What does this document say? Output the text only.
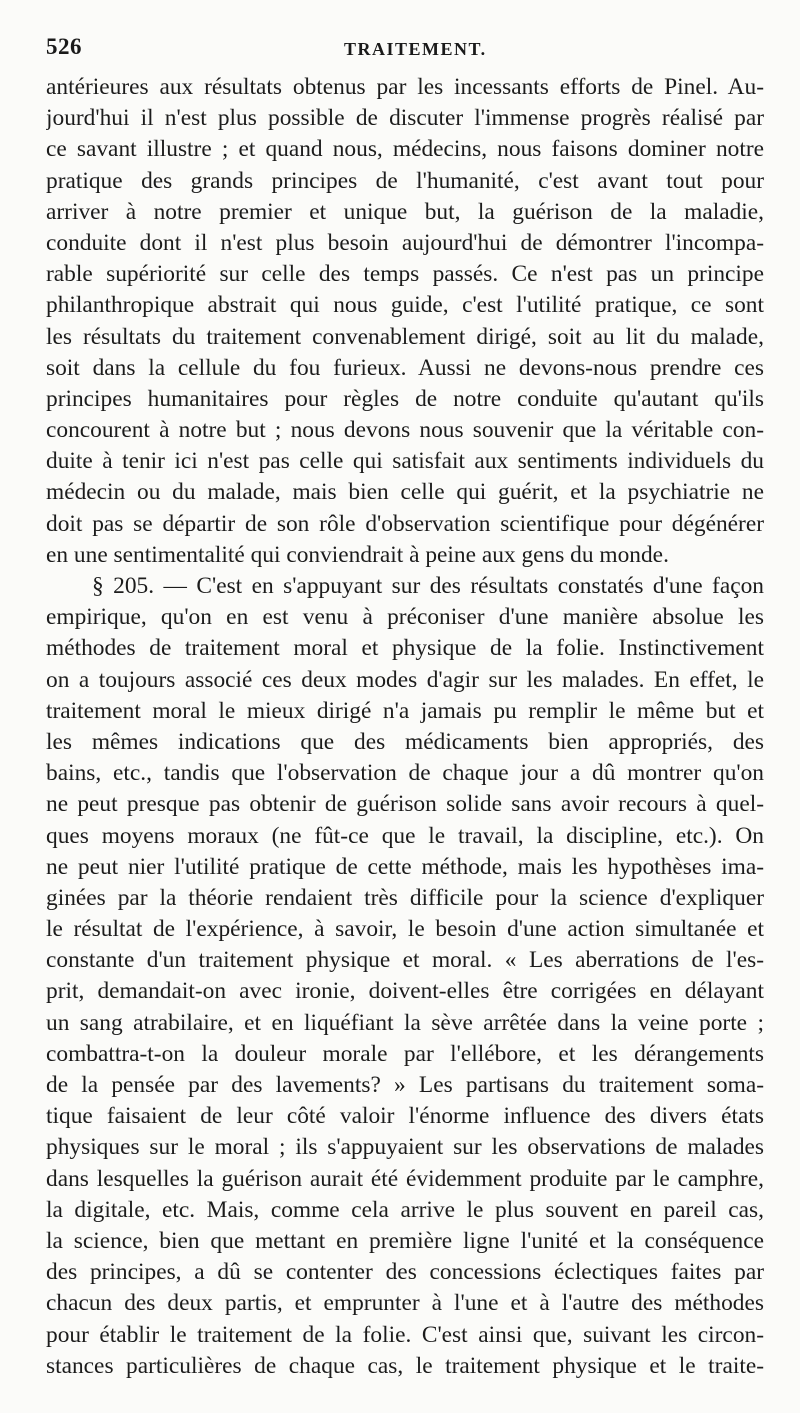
526	TRAITEMENT.
antérieures aux résultats obtenus par les incessants efforts de Pinel. Au-
jourd'hui il n'est plus possible de discuter l'immense progrès réalisé par
ce savant illustre ; et quand nous, médecins, nous faisons dominer notre
pratique des grands principes de l'humanité, c'est avant tout pour
arriver à notre premier et unique but, la guérison de la maladie,
conduite dont il n'est plus besoin aujourd'hui de démontrer l'incompa-
rable supériorité sur celle des temps passés. Ce n'est pas un principe
philanthropique abstrait qui nous guide, c'est l'utilité pratique, ce sont
les résultats du traitement convenablement dirigé, soit au lit du malade,
soit dans la cellule du fou furieux. Aussi ne devons-nous prendre ces
principes humanitaires pour règles de notre conduite qu'autant qu'ils
concourent à notre but ; nous devons nous souvenir que la véritable con-
duite à tenir ici n'est pas celle qui satisfait aux sentiments individuels du
médecin ou du malade, mais bien celle qui guérit, et la psychiatrie ne
doit pas se départir de son rôle d'observation scientifique pour dégénérer
en une sentimentalité qui conviendrait à peine aux gens du monde.
§ 205. — C'est en s'appuyant sur des résultats constatés d'une façon
empirique, qu'on en est venu à préconiser d'une manière absolue les
méthodes de traitement moral et physique de la folie. Instinctivement
on a toujours associé ces deux modes d'agir sur les malades. En effet, le
traitement moral le mieux dirigé n'a jamais pu remplir le même but et
les mêmes indications que des médicaments bien appropriés, des
bains, etc., tandis que l'observation de chaque jour a dû montrer qu'on
ne peut presque pas obtenir de guérison solide sans avoir recours à quel-
ques moyens moraux (ne fût-ce que le travail, la discipline, etc.). On
ne peut nier l'utilité pratique de cette méthode, mais les hypothèses ima-
ginées par la théorie rendaient très difficile pour la science d'expliquer
le résultat de l'expérience, à savoir, le besoin d'une action simultanée et
constante d'un traitement physique et moral. « Les aberrations de l'es-
prit, demandait-on avec ironie, doivent-elles être corrigées en délayant
un sang atrabilaire, et en liquéfiant la sève arrêtée dans la veine porte ;
combattra-t-on la douleur morale par l'ellébore, et les dérangements
de la pensée par des lavements? » Les partisans du traitement soma-
tique faisaient de leur côté valoir l'énorme influence des divers états
physiques sur le moral ; ils s'appuyaient sur les observations de malades
dans lesquelles la guérison aurait été évidemment produite par le camphre,
la digitale, etc. Mais, comme cela arrive le plus souvent en pareil cas,
la science, bien que mettant en première ligne l'unité et la conséquence
des principes, a dû se contenter des concessions éclectiques faites par
chacun des deux partis, et emprunter à l'une et à l'autre des méthodes
pour établir le traitement de la folie. C'est ainsi que, suivant les circon-
stances particulières de chaque cas, le traitement physique et le traite-
